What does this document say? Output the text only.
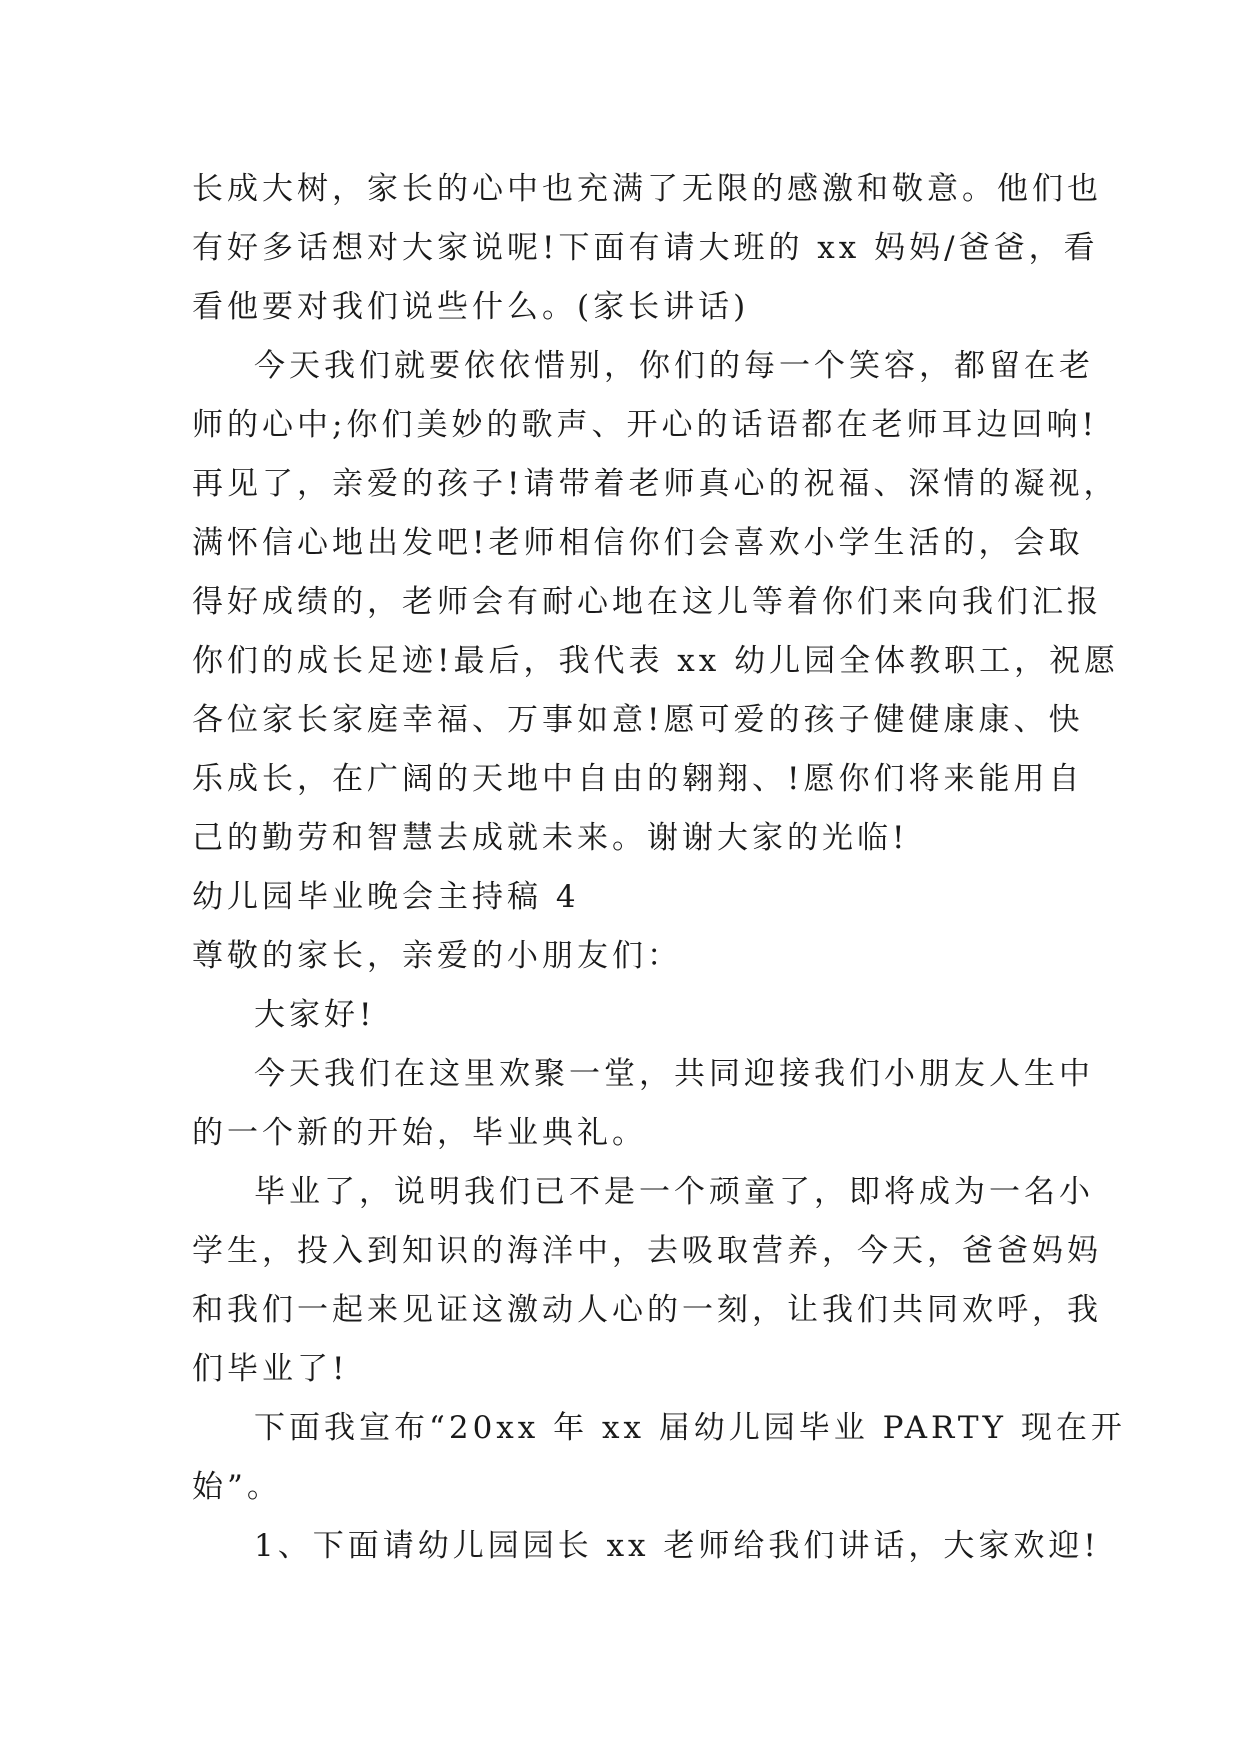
长成大树，家长的心中也充满了无限的感激和敬意。他们也
有好多话想对大家说呢!下面有请大班的 xx 妈妈/爸爸，看
看他要对我们说些什么。(家长讲话)
今天我们就要依依惜别，你们的每一个笑容，都留在老
师的心中;你们美妙的歌声、开心的话语都在老师耳边回响!
再见了，亲爱的孩子!请带着老师真心的祝福、深情的凝视，
满怀信心地出发吧!老师相信你们会喜欢小学生活的，会取
得好成绩的，老师会有耐心地在这儿等着你们来向我们汇报
你们的成长足迹!最后，我代表 xx 幼儿园全体教职工，祝愿
各位家长家庭幸福、万事如意!愿可爱的孩子健健康康、快
乐成长，在广阔的天地中自由的翱翔、!愿你们将来能用自
己的勤劳和智慧去成就未来。谢谢大家的光临!
幼儿园毕业晚会主持稿 4
尊敬的家长，亲爱的小朋友们：
大家好!
今天我们在这里欢聚一堂，共同迎接我们小朋友人生中
的一个新的开始，毕业典礼。
毕业了，说明我们已不是一个顽童了，即将成为一名小
学生，投入到知识的海洋中，去吸取营养，今天，爸爸妈妈
和我们一起来见证这激动人心的一刻，让我们共同欢呼，我
们毕业了!
下面我宣布“20xx 年 xx 届幼儿园毕业 PARTY 现在开
始”。
1、下面请幼儿园园长 xx 老师给我们讲话，大家欢迎!
